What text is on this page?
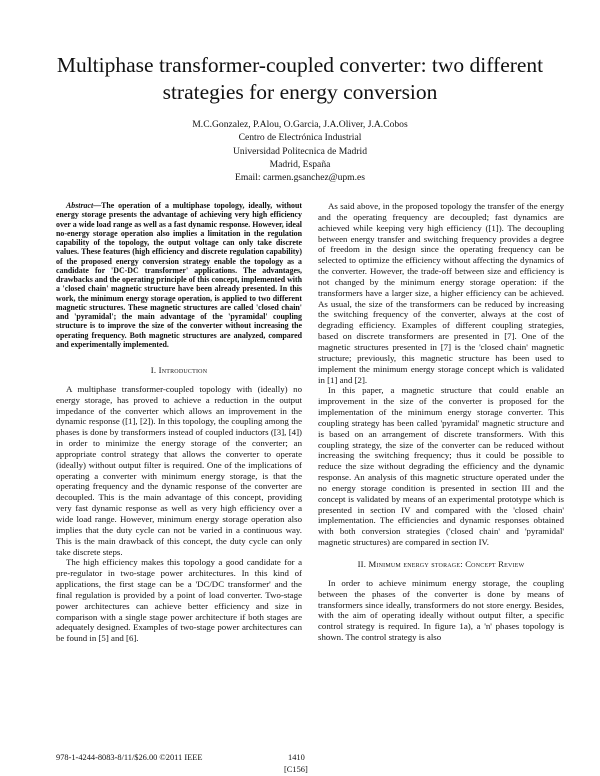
Multiphase transformer-coupled converter: two different strategies for energy conversion
M.C.Gonzalez, P.Alou, O.Garcia, J.A.Oliver, J.A.Cobos
Centro de Electrónica Industrial
Universidad Politecnica de Madrid
Madrid, España
Email: carmen.gsanchez@upm.es

Abstract—The operation of a multiphase topology, ideally, without energy storage presents the advantage of achieving very high efficiency over a wide load range as well as a fast dynamic response. However, ideal no-energy storage operation also implies a limitation in the regulation capability of the topology, the output voltage can only take discrete values. These features (high efficiency and discrete regulation capability) of the proposed energy conversion strategy enable the topology as a candidate for 'DC-DC transformer' applications. The advantages, drawbacks and the operating principle of this concept, implemented with a 'closed chain' magnetic structure have been already presented. In this work, the minimum energy storage operation, is applied to two different magnetic structures. These magnetic structures are called 'closed chain' and 'pyramidal'; the main advantage of the 'pyramidal' coupling structure is to improve the size of the converter without increasing the operating frequency. Both magnetic structures are analyzed, compared and experimentally implemented.

I. Introduction

A multiphase transformer-coupled topology with (ideally) no energy storage, has proved to achieve a reduction in the output impedance of the converter which allows an improvement in the dynamic response ([1], [2]). In this topology, the coupling among the phases is done by transformers instead of coupled inductors ([3], [4]) in order to minimize the energy storage of the converter; an appropriate control strategy that allows the converter to operate (ideally) without output filter is required. One of the implications of operating a converter with minimum energy storage, is that the operating frequency and the dynamic response of the converter are decoupled. This is the main advantage of this concept, providing very fast dynamic response as well as very high efficiency over a wide load range. However, minimum energy storage operation also implies that the duty cycle can not be varied in a continuous way. This is the main drawback of this concept, the duty cycle can only take discrete steps.

The high efficiency makes this topology a good candidate for a pre-regulator in two-stage power architectures. In this kind of applications, the first stage can be a 'DC/DC transformer' and the final regulation is provided by a point of load converter. Two-stage power architectures can achieve better efficiency and size in comparison with a single stage power architecture if both stages are adequately designed. Examples of two-stage power architectures can be found in [5] and [6].

As said above, in the proposed topology the transfer of the energy and the operating frequency are decoupled; fast dynamics are achieved while keeping very high efficiency ([1]). The decoupling between energy transfer and switching frequency provides a degree of freedom in the design since the operating frequency can be selected to optimize the efficiency without affecting the dynamics of the converter. However, the trade-off between size and efficiency is not changed by the minimum energy storage operation: if the transformers have a larger size, a higher efficiency can be achieved. As usual, the size of the transformers can be reduced by increasing the switching frequency of the converter, always at the cost of degrading efficiency. Examples of different coupling strategies, based on discrete transformers are presented in [7]. One of the magnetic structures presented in [7] is the 'closed chain' magnetic structure; previously, this magnetic structure has been used to implement the minimum energy storage concept which is validated in [1] and [2].

In this paper, a magnetic structure that could enable an improvement in the size of the converter is proposed for the implementation of the minimum energy storage converter. This coupling strategy has been called 'pyramidal' magnetic structure and is based on an arrangement of discrete transformers. With this coupling strategy, the size of the converter can be reduced without increasing the switching frequency; thus it could be possible to reduce the size without degrading the efficiency and the dynamic response. An analysis of this magnetic structure operated under the no energy storage condition is presented in section III and the concept is validated by means of an experimental prototype which is presented in section IV and compared with the 'closed chain' implementation. The efficiencies and dynamic responses obtained with both conversion strategies ('closed chain' and 'pyramidal' magnetic structures) are compared in section IV.

II. Minimum energy storage: Concept Review

In order to achieve minimum energy storage, the coupling between the phases of the converter is done by means of transformers since ideally, transformers do not store energy. Besides, with the aim of operating ideally without output filter, a specific control strategy is required. In figure 1a), a 'n' phases topology is shown. The control strategy is also

978-1-4244-8083-8/11/$26.00 ©2011 IEEE	1410
[C156]
